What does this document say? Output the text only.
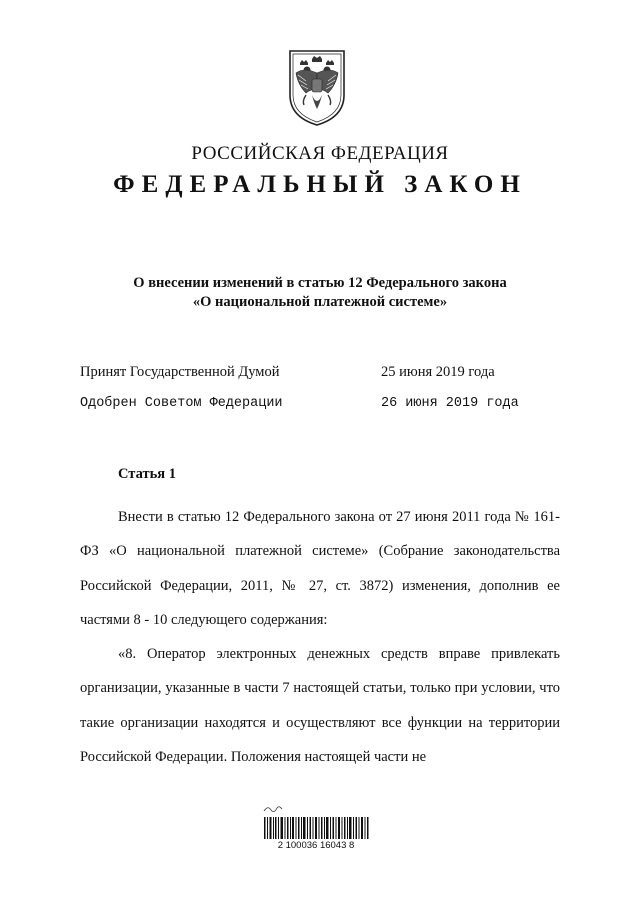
РОССИЙСКАЯ ФЕДЕРАЦИЯ
ФЕДЕРАЛЬНЫЙ ЗАКОН
О внесении изменений в статью 12 Федерального закона
«О национальной платежной системе»
Принят Государственной Думой	25 июня 2019 года
Одобрен Советом Федерации	26 июня 2019 года
Статья 1

Внести в статью 12 Федерального закона от 27 июня 2011 года № 161-ФЗ «О национальной платежной системе» (Собрание законодательства Российской Федерации, 2011, № 27, ст. 3872) изменения, дополнив ее частями 8 - 10 следующего содержания:

«8. Оператор электронных денежных средств вправе привлекать организации, указанные в части 7 настоящей статьи, только при условии, что такие организации находятся и осуществляют все функции на территории Российской Федерации. Положения настоящей части не

2 100036 16043 8
